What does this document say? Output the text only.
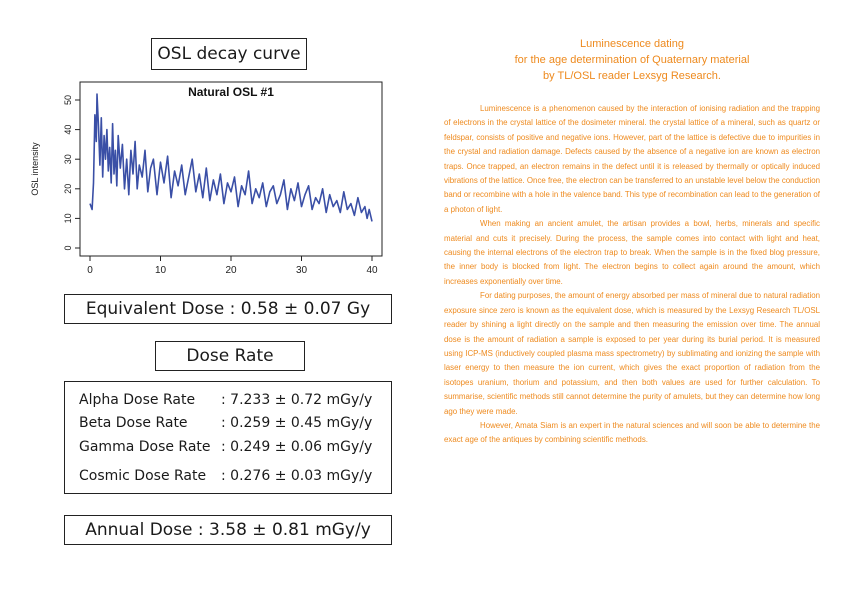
OSL decay curve
Natural OSL #1
0	10	20	30	40
0
10
20
30
40
50
OSL intensity
Equivalent Dose : 0.58 ± 0.07 Gy
Dose Rate
Alpha Dose Rate : 7.233 ± 0.72 mGy/y
Beta Dose Rate : 0.259 ± 0.45 mGy/y
Gamma Dose Rate : 0.249 ± 0.06 mGy/y
Cosmic Dose Rate : 0.276 ± 0.03 mGy/y
Annual Dose : 3.58 ± 0.81 mGy/y
Luminescence dating
for the age determination of Quaternary material
by TL/OSL reader Lexsyg Research.

Luminescence is a phenomenon caused by the interaction of ionising radiation and the trapping of electrons in the crystal lattice of the dosimeter mineral. the crystal lattice of a mineral, such as quartz or feldspar, consists of positive and negative ions. However, part of the lattice is defective due to impurities in the crystal and radiation damage. Defects caused by the absence of a negative ion are known as electron traps. Once trapped, an electron remains in the defect until it is released by thermally or optically induced vibrations of the lattice. Once free, the electron can be transferred to an unstable level below the conduction band or recombine with a hole in the valence band. This type of recombination can lead to the generation of a photon of light.

When making an ancient amulet, the artisan provides a bowl, herbs, minerals and specific material and cuts it precisely. During the process, the sample comes into contact with light and heat, causing the internal electrons of the electron trap to break. When the sample is in the fixed blog pressure, the inner body is blocked from light. The electron begins to collect again around the amount, which increases exponentially over time.

For dating purposes, the amount of energy absorbed per mass of mineral due to natural radiation exposure since zero is known as the equivalent dose, which is measured by the Lexsyg Research TL/OSL reader by shining a light directly on the sample and then measuring the emission over time. The annual dose is the amount of radiation a sample is exposed to per year during its burial period. It is measured using ICP-MS (inductively coupled plasma mass spectrometry) by sublimating and ionizing the sample with laser energy to then measure the ion current, which gives the exact proportion of radiation from the isotopes uranium, thorium and potassium, and then both values are used for further calculation. To summarise, scientific methods still cannot determine the purity of amulets, but they can determine how long ago they were made.

However, Amata Siam is an expert in the natural sciences and will soon be able to determine the exact age of the antiques by combining scientific methods.
